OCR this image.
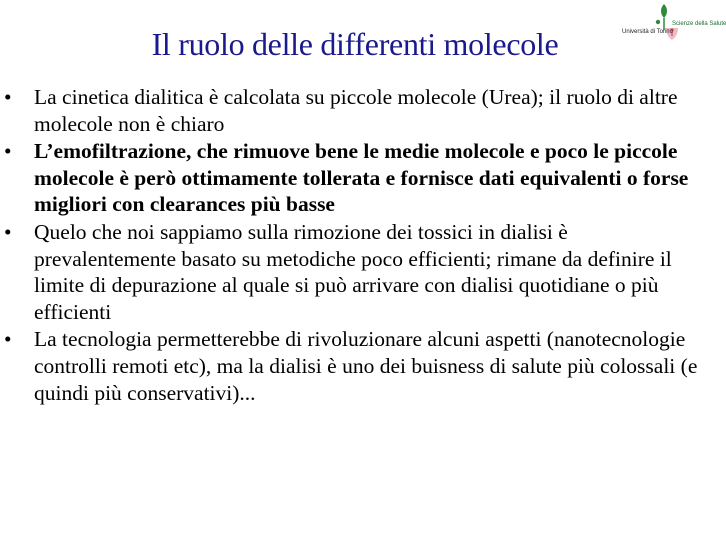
Il ruolo delle differenti molecole	Università di Torino
Scienze della Salute
•	La cinetica dialitica è calcolata su piccole molecole (Urea); il ruolo di altre molecole non è chiaro
•	L’emofiltrazione, che rimuove bene le medie molecole e poco le piccole molecole è però ottimamente tollerata e fornisce dati equivalenti o forse migliori con clearances più basse
•	Quelo che noi sappiamo sulla rimozione dei tossici in dialisi è prevalentemente basato su metodiche poco efficienti; rimane da definire il limite di depurazione al quale si può arrivare con dialisi quotidiane o più efficienti
•	La tecnologia permetterebbe di rivoluzionare alcuni aspetti (nanotecnologie controlli remoti etc), ma la dialisi è uno dei buisness di salute più colossali (e quindi più conservativi)...
